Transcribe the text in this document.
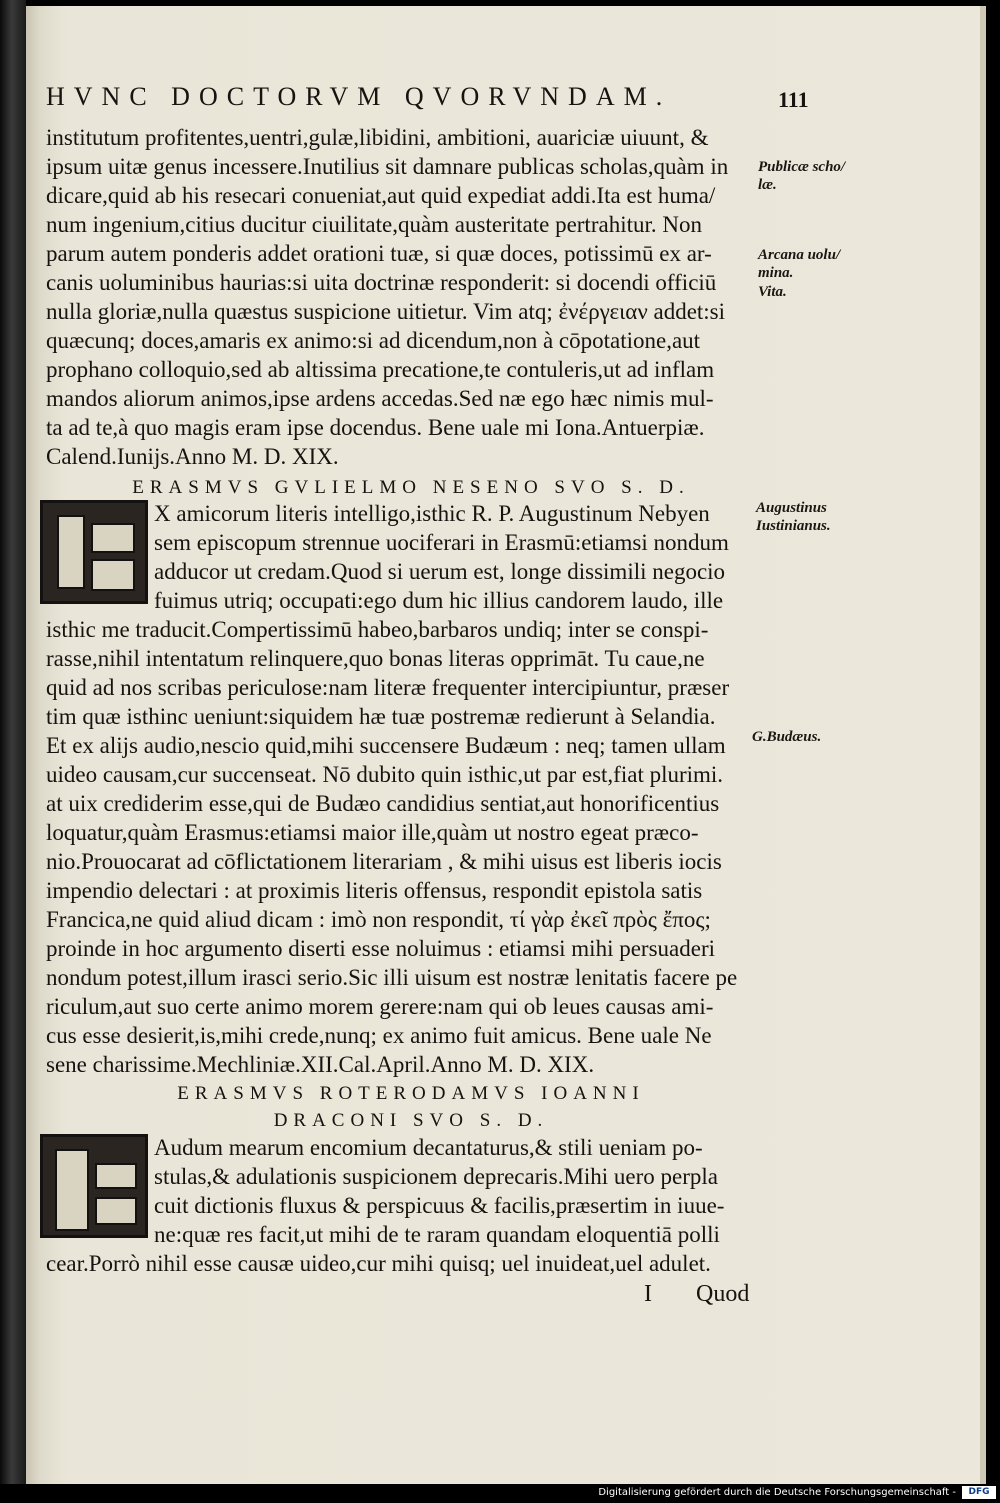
HVNC DOCTORVM QVORVNDAM.	111
institutum profitentes,uentri,gulæ,libidini, ambitioni, auariciæ uiuunt, &
ipsum uitæ genus incessere.Inutilius sit damnare publicas scholas,quàm in
dicare,quid ab his resecari conueniat,aut quid expediat addi.Ita est huma/
num ingenium,citius ducitur ciuilitate,quàm austeritate pertrahitur. Non
parum autem ponderis addet orationi tuæ, si quæ doces, potissimū ex ar-
canis uoluminibus haurias:si uita doctrinæ responderit: si docendi officiū
nulla gloriæ,nulla quæstus suspicione uitietur. Vim atq; ἐνέργειαν addet:si
quæcunq; doces,amaris ex animo:si ad dicendum,non à cōpotatione,aut
prophano colloquio,sed ab altissima precatione,te contuleris,ut ad inflam
mandos aliorum animos,ipse ardens accedas.Sed næ ego hæc nimis mul-
ta ad te,à quo magis eram ipse docendus. Bene uale mi Iona.Antuerpiæ.
Calend.Iunijs.Anno M. D. XIX.
ERASMVS GVLIELMO NESENO SVO S. D.
X amicorum literis intelligo,isthic R. P. Augustinum Nebyen
sem episcopum strennue uociferari in Erasmū:etiamsi nondum
adducor ut credam.Quod si uerum est, longe dissimili negocio
fuimus utriq; occupati:ego dum hic illius candorem laudo, ille
isthic me traducit.Compertissimū habeo,barbaros undiq; inter se conspi-
rasse,nihil intentatum relinquere,quo bonas literas opprimāt. Tu caue,ne
quid ad nos scribas periculose:nam literæ frequenter intercipiuntur, præser
tim quæ isthinc ueniunt:siquidem hæ tuæ postremæ redierunt à Selandia.
Et ex alijs audio,nescio quid,mihi succensere Budæum : neq; tamen ullam
uideo causam,cur succenseat. Nō dubito quin isthic,ut par est,fiat plurimi.
at uix crediderim esse,qui de Budæo candidius sentiat,aut honorificentius
loquatur,quàm Erasmus:etiamsi maior ille,quàm ut nostro egeat præco-
nio.Prouocarat ad cōflictationem literariam , & mihi uisus est liberis iocis
impendio delectari : at proximis literis offensus, respondit epistola satis
Francica,ne quid aliud dicam : imò non respondit, τί γὰρ ἐκεῖ πρὸς ἔπος;
proinde in hoc argumento diserti esse noluimus : etiamsi mihi persuaderi
nondum potest,illum irasci serio.Sic illi uisum est nostræ lenitatis facere pe
riculum,aut suo certe animo morem gerere:nam qui ob leues causas ami-
cus esse desierit,is,mihi crede,nunq; ex animo fuit amicus. Bene uale Ne
sene charissime.Mechliniæ.XII.Cal.April.Anno M. D. XIX.
ERASMVS ROTERODAMVS IOANNI
DRACONI SVO S. D.
Audum mearum encomium decantaturus,& stili ueniam po-
stulas,& adulationis suspicionem deprecaris.Mihi uero perpla
cuit dictionis fluxus & perspicuus & facilis,præsertim in iuue-
ne:quæ res facit,ut mihi de te raram quandam eloquentiā polli
cear.Porrò nihil esse causæ uideo,cur mihi quisq; uel inuideat,uel adulet.
I Quod
Publicæ scho/
læ.
Arcana uolu/
mina.
Vita.
Augustinus
Iustinianus.
G.Budæus.
Digitalisierung gefördert durch die Deutsche Forschungsgemeinschaft -	DFG
